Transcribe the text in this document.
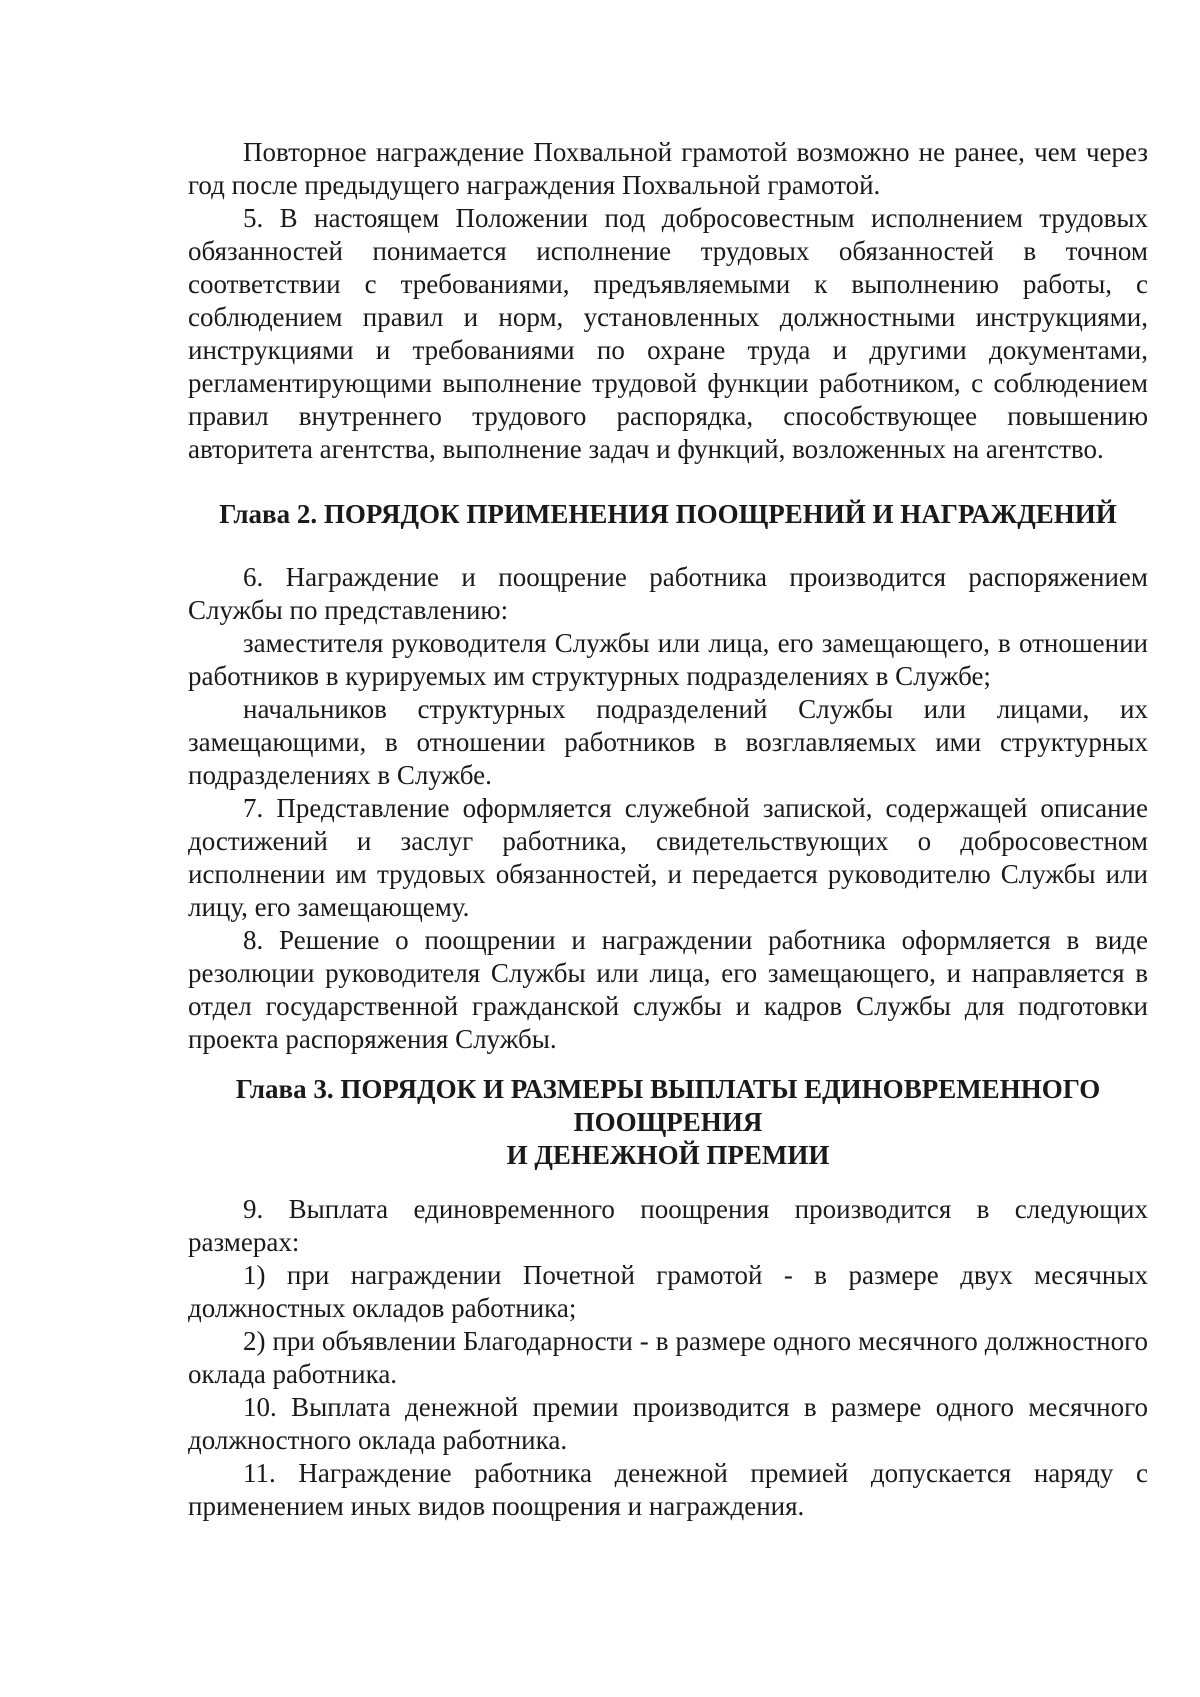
Повторное награждение Похвальной грамотой возможно не ранее, чем через год после предыдущего награждения Похвальной грамотой.

5. В настоящем Положении под добросовестным исполнением трудовых обязанностей понимается исполнение трудовых обязанностей в точном соответствии с требованиями, предъявляемыми к выполнению работы, с соблюдением правил и норм, установленных должностными инструкциями, инструкциями и требованиями по охране труда и другими документами, регламентирующими выполнение трудовой функции работником, с соблюдением правил внутреннего трудового распорядка, способствующее повышению авторитета агентства, выполнение задач и функций, возложенных на агентство.

Глава 2. ПОРЯДОК ПРИМЕНЕНИЯ ПООЩРЕНИЙ И НАГРАЖДЕНИЙ

6. Награждение и поощрение работника производится распоряжением Службы по представлению:

заместителя руководителя Службы или лица, его замещающего, в отношении работников в курируемых им структурных подразделениях в Службе;

начальников структурных подразделений Службы или лицами, их замещающими, в отношении работников в возглавляемых ими структурных подразделениях в Службе.

7. Представление оформляется служебной запиской, содержащей описание достижений и заслуг работника, свидетельствующих о добросовестном исполнении им трудовых обязанностей, и передается руководителю Службы или лицу, его замещающему.

8. Решение о поощрении и награждении работника оформляется в виде резолюции руководителя Службы или лица, его замещающего, и направляется в отдел государственной гражданской службы и кадров Службы для подготовки проекта распоряжения Службы.

Глава 3. ПОРЯДОК И РАЗМЕРЫ ВЫПЛАТЫ ЕДИНОВРЕМЕННОГО
ПООЩРЕНИЯ
И ДЕНЕЖНОЙ ПРЕМИИ

9. Выплата единовременного поощрения производится в следующих размерах:

1) при награждении Почетной грамотой - в размере двух месячных должностных окладов работника;

2) при объявлении Благодарности - в размере одного месячного должностного оклада работника.

10. Выплата денежной премии производится в размере одного месячного должностного оклада работника.

11. Награждение работника денежной премией допускается наряду с применением иных видов поощрения и награждения.
